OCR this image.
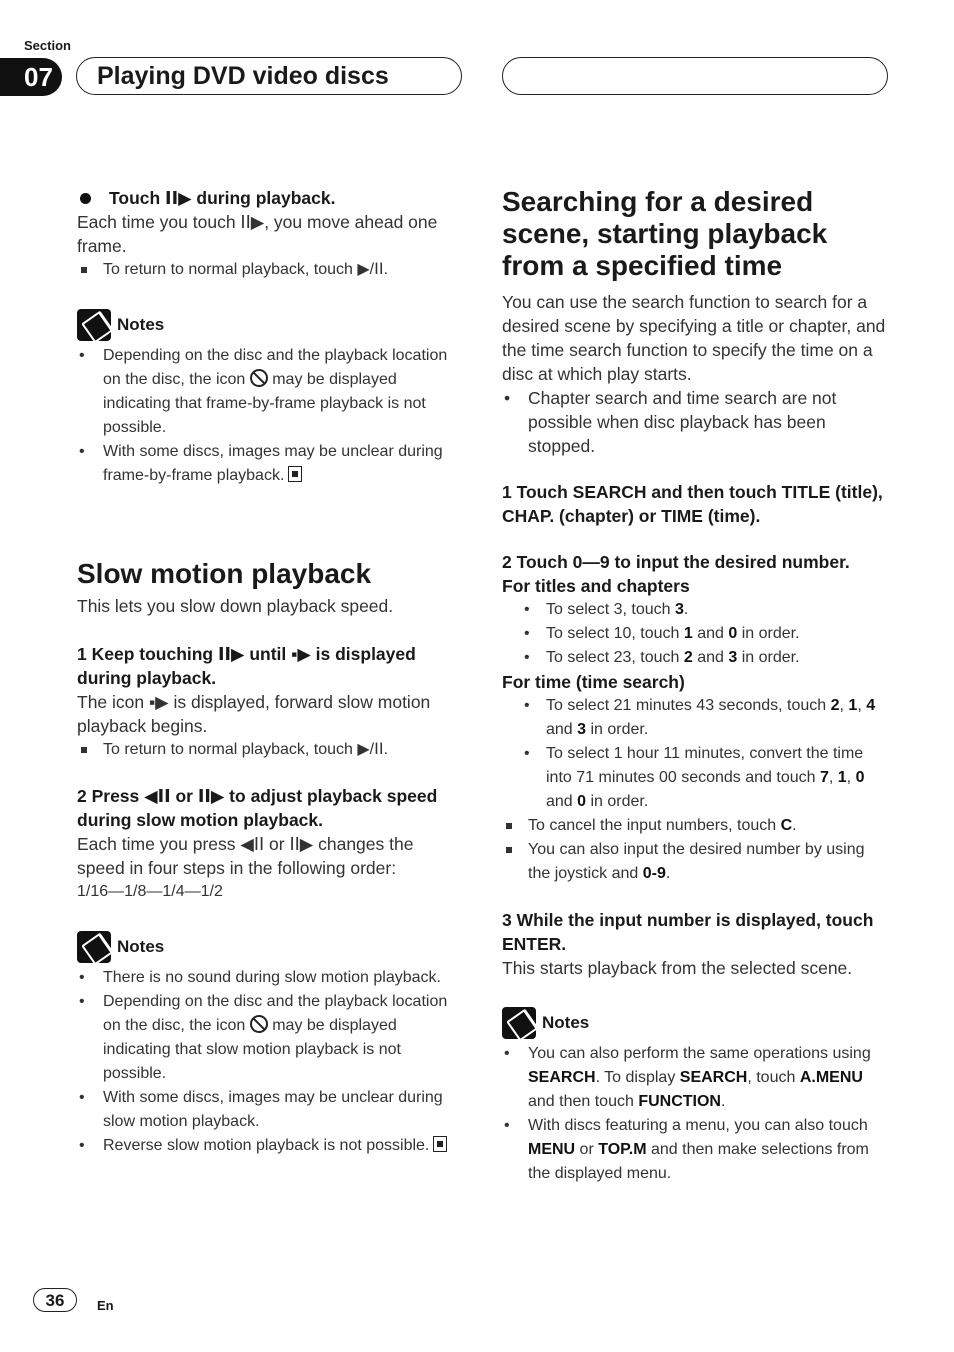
Section
07	Playing DVD video discs

Touch ⅠⅠ▶ during playback.

Each time you touch ⅠⅠ▶, you move ahead one frame.

To return to normal playback, touch ▶/ⅠⅠ.
Notes
• Depending on the disc and the playback location on the disc, the icon may be displayed indicating that frame-by-frame playback is not possible.
• With some discs, images may be unclear during frame-by-frame playback.

Slow motion playback

This lets you slow down playback speed.

1 Keep touching ⅠⅠ▶ until ▪▶ is displayed during playback.

The icon ▪▶ is displayed, forward slow motion playback begins.

To return to normal playback, touch ▶/ⅠⅠ.

2 Press ◀ⅠⅠ or ⅠⅠ▶ to adjust playback speed during slow motion playback.

Each time you press ◀ⅠⅠ or ⅠⅠ▶ changes the speed in four steps in the following order:

1/16—1/8—1/4—1/2

Notes
• There is no sound during slow motion playback.
• Depending on the disc and the playback location on the disc, the icon may be displayed indicating that slow motion playback is not possible.
• With some discs, images may be unclear during slow motion playback.
• Reverse slow motion playback is not possible.

Searching for a desired scene, starting playback from a specified time

You can use the search function to search for a desired scene by specifying a title or chapter, and the time search function to specify the time on a disc at which play starts.

• Chapter search and time search are not possible when disc playback has been stopped.

1 Touch SEARCH and then touch TITLE (title), CHAP. (chapter) or TIME (time).

2 Touch 0—9 to input the desired number.

For titles and chapters

• To select 3, touch 3.
• To select 10, touch 1 and 0 in order.
• To select 23, touch 2 and 3 in order.

For time (time search)

• To select 21 minutes 43 seconds, touch 2, 1, 4 and 3 in order.
• To select 1 hour 11 minutes, convert the time into 71 minutes 00 seconds and touch 7, 1, 0 and 0 in order.
To cancel the input numbers, touch C.
You can also input the desired number by using the joystick and 0-9.

3 While the input number is displayed, touch ENTER.

This starts playback from the selected scene.

Notes
• You can also perform the same operations using SEARCH. To display SEARCH, touch A.MENU and then touch FUNCTION.
• With discs featuring a menu, you can also touch MENU or TOP.M and then make selections from the displayed menu.
36	En
